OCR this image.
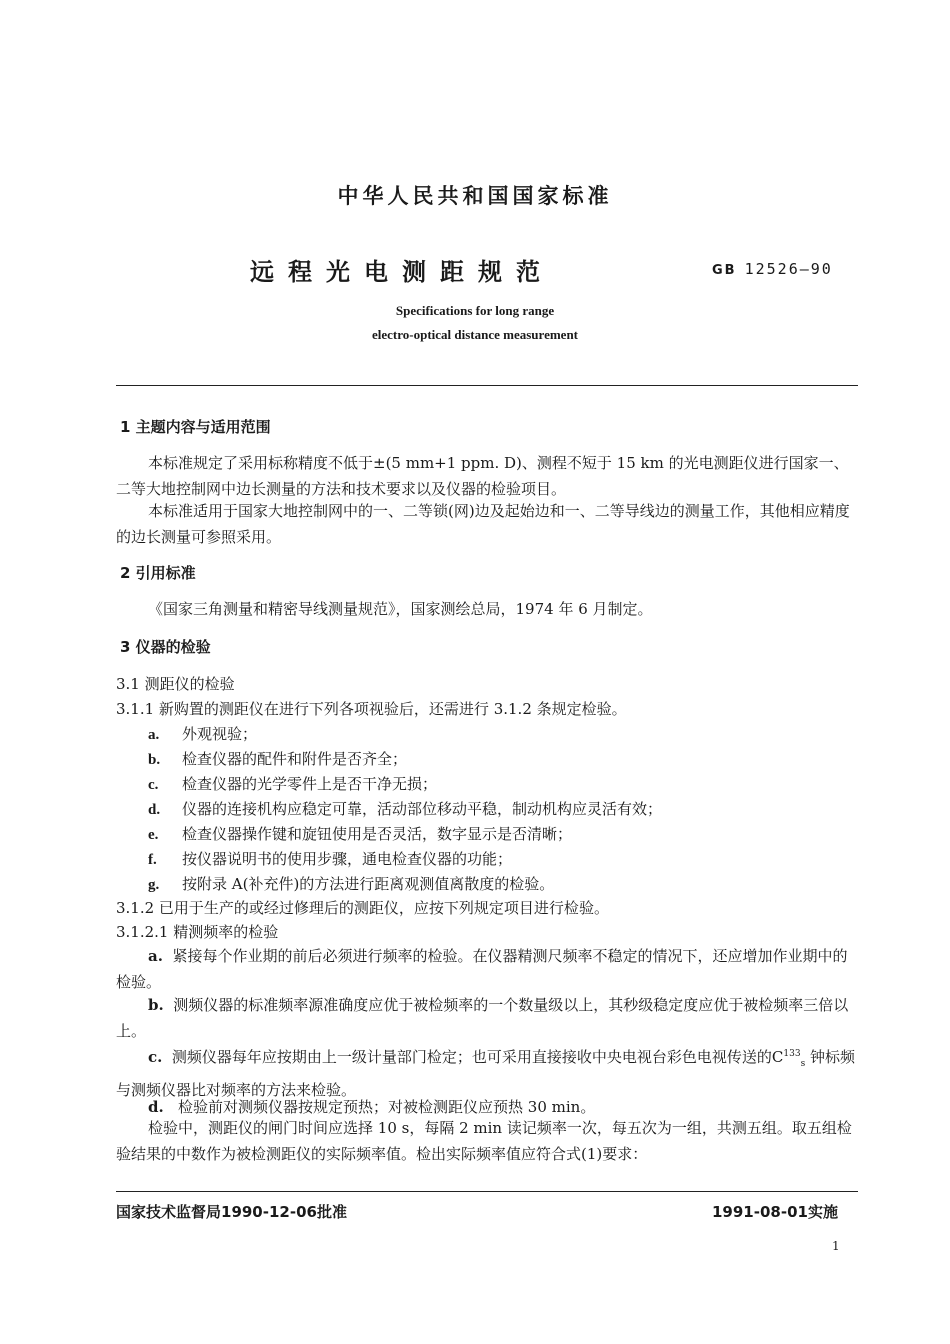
中华人民共和国国家标准
远程光电测距规范	GB 12526—90
Specifications for long range
electro-optical distance measurement
1 主题内容与适用范围
本标准规定了采用标称精度不低于±(5 mm+1 ppm. D)、测程不短于 15 km 的光电测距仪进行国家一、二等大地控制网中边长测量的方法和技术要求以及仪器的检验项目。
本标准适用于国家大地控制网中的一、二等锁(网)边及起始边和一、二等导线边的测量工作，其他相应精度的边长测量可参照采用。
2 引用标准
《国家三角测量和精密导线测量规范》，国家测绘总局，1974 年 6 月制定。
3 仪器的检验
3.1 测距仪的检验
3.1.1 新购置的测距仪在进行下列各项视验后，还需进行 3.1.2 条规定检验。
a. 外观视验；
b. 检查仪器的配件和附件是否齐全；
c. 检查仪器的光学零件上是否干净无损；
d. 仪器的连接机构应稳定可靠，活动部位移动平稳，制动机构应灵活有效；
e. 检查仪器操作键和旋钮使用是否灵活，数字显示是否清晰；
f. 按仪器说明书的使用步骤，通电检查仪器的功能；
g. 按附录 A(补充件)的方法进行距离观测值离散度的检验。
3.1.2 已用于生产的或经过修理后的测距仪，应按下列规定项目进行检验。
3.1.2.1 精测频率的检验
a. 紧接每个作业期的前后必须进行频率的检验。在仪器精测尺频率不稳定的情况下，还应增加作业期中的检验。
b. 测频仪器的标准频率源准确度应优于被检频率的一个数量级以上，其秒级稳定度应优于被检频率三倍以上。
c. 测频仪器每年应按期由上一级计量部门检定；也可采用直接接收中央电视台彩色电视传送的$C^{133}_s$ 钟标频与测频仪器比对频率的方法来检验。
d. 检验前对测频仪器按规定预热；对被检测距仪应预热 30 min。
检验中，测距仪的闸门时间应选择 10 s，每隔 2 min 读记频率一次，每五次为一组，共测五组。取五组检验结果的中数作为被检测距仪的实际频率值。检出实际频率值应符合式(1)要求：
国家技术监督局1990-12-06批准	1991-08-01实施
1
